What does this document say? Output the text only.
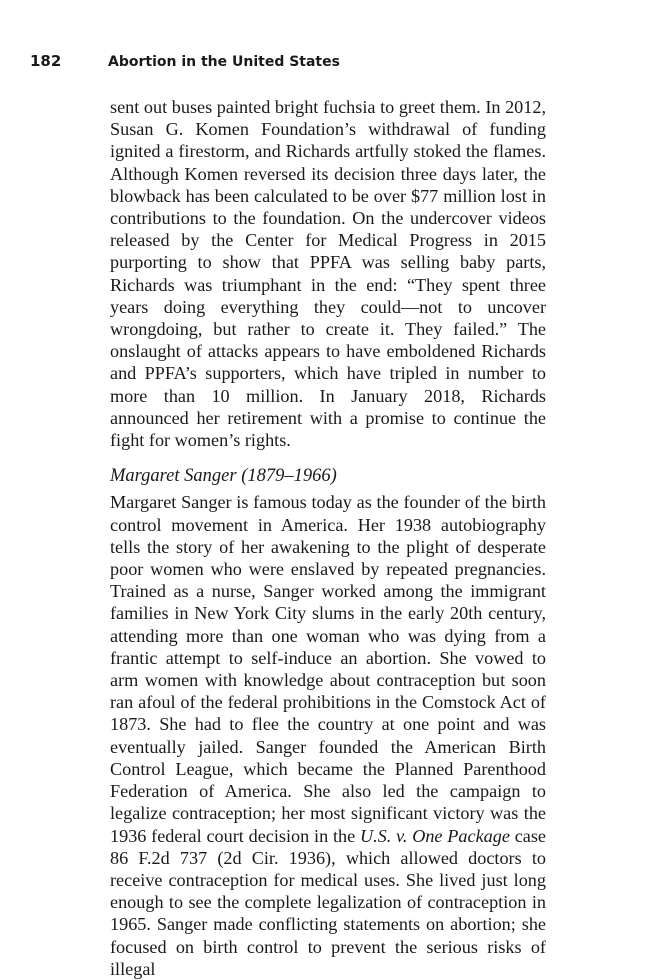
182	Abortion in the United States

sent out buses painted bright fuchsia to greet them. In 2012, Susan G. Komen Foundation’s withdrawal of funding ignited a firestorm, and Richards artfully stoked the flames. Although Komen reversed its decision three days later, the blowback has been calculated to be over $77 million lost in contributions to the foundation. On the undercover videos released by the Center for Medical Progress in 2015 purporting to show that PPFA was selling baby parts, Richards was triumphant in the end: “They spent three years doing everything they could—not to uncover wrongdoing, but rather to create it. They failed.” The onslaught of attacks appears to have emboldened Richards and PPFA’s supporters, which have tripled in number to more than 10 million. In January 2018, Richards announced her retirement with a promise to continue the fight for women’s rights.

Margaret Sanger (1879–1966)

Margaret Sanger is famous today as the founder of the birth control movement in America. Her 1938 autobiography tells the story of her awakening to the plight of desperate poor women who were enslaved by repeated pregnancies. Trained as a nurse, Sanger worked among the immigrant families in New York City slums in the early 20th century, attending more than one woman who was dying from a frantic attempt to self-induce an abortion. She vowed to arm women with knowledge about contraception but soon ran afoul of the federal prohibitions in the Comstock Act of 1873. She had to flee the country at one point and was eventually jailed. Sanger founded the American Birth Control League, which became the Planned Parenthood Federation of America. She also led the campaign to legalize contraception; her most significant victory was the 1936 federal court decision in the U.S. v. One Package case 86 F.2d 737 (2d Cir. 1936), which allowed doctors to receive contraception for medical uses. She lived just long enough to see the complete legalization of contraception in 1965. Sanger made conflicting statements on abortion; she focused on birth control to prevent the serious risks of illegal
